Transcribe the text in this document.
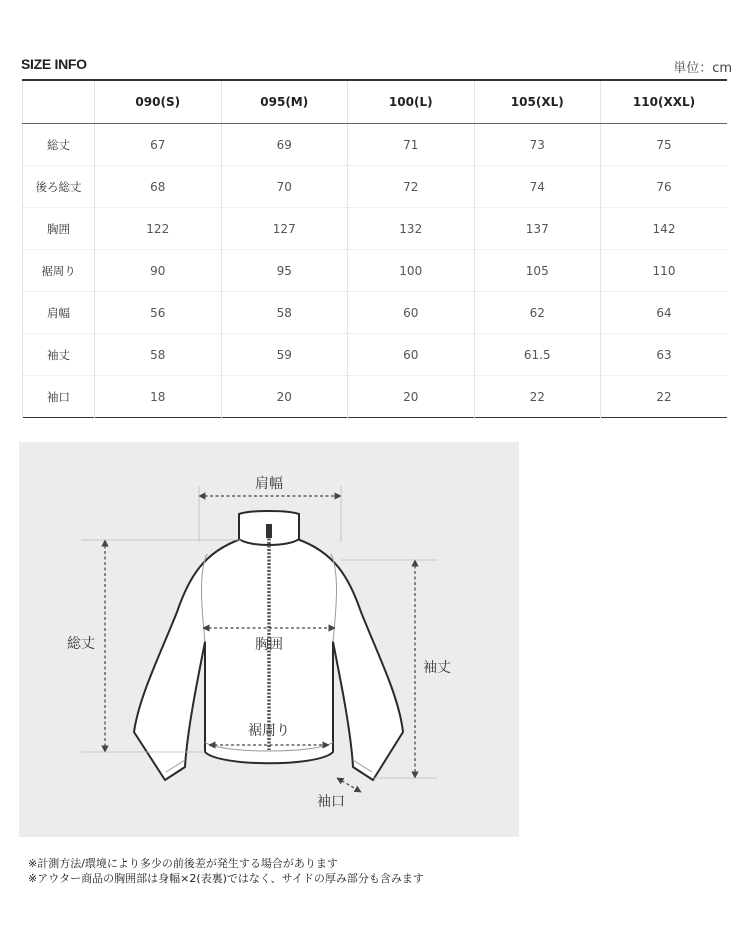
SIZE INFO	単位：cm
	090(S)	095(M)	100(L)	105(XL)	110(XXL)
総丈	67	69	71	73	75
後ろ総丈	68	70	72	74	76
胸囲	122	127	132	137	142
裾周り	90	95	100	105	110
肩幅	56	58	60	62	64
袖丈	58	59	60	61.5	63
袖口	18	20	20	22	22
肩幅
総丈	胸囲
裾周り
袖丈
袖口
※計測方法/環境により多少の前後差が発生する場合があります
※アウター商品の胸囲部は身幅×2(表裏)ではなく、サイドの厚み部分も含みます
